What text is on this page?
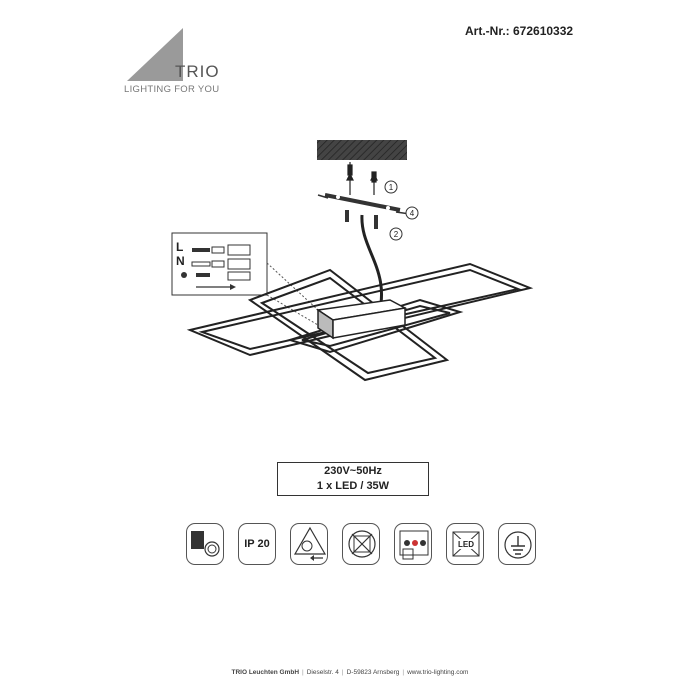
TRIO
LIGHTING FOR YOU
Art.-Nr.: 672610332
1
2
4
L
N
230V~50Hz
1 x LED / 35W
IP 20	LED
TRIO Leuchten GmbH | Dieselstr. 4 | D-59823 Arnsberg | www.trio-lighting.com
